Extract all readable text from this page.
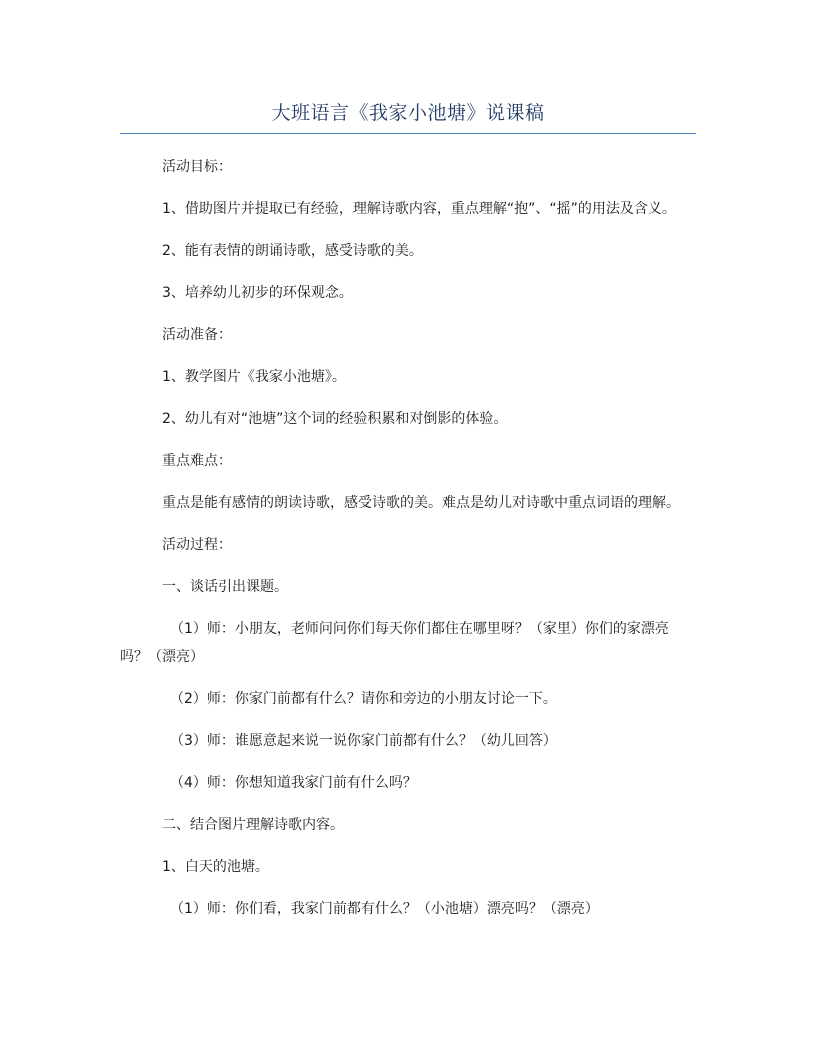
大班语言《我家小池塘》说课稿

活动目标：

1、借助图片并提取已有经验，理解诗歌内容，重点理解“抱”、“摇”的用法及含义。

2、能有表情的朗诵诗歌，感受诗歌的美。

3、培养幼儿初步的环保观念。

活动准备：

1、教学图片《我家小池塘》。

2、幼儿有对“池塘”这个词的经验积累和对倒影的体验。

重点难点：

重点是能有感情的朗读诗歌，感受诗歌的美。难点是幼儿对诗歌中重点词语的理解。

活动过程：

一、谈话引出课题。

（1）师：小朋友，老师问问你们每天你们都住在哪里呀？（家里）你们的家漂亮吗？（漂亮）

（2）师：你家门前都有什么？请你和旁边的小朋友讨论一下。

（3）师：谁愿意起来说一说你家门前都有什么？（幼儿回答）

（4）师：你想知道我家门前有什么吗？

二、结合图片理解诗歌内容。

1、白天的池塘。

（1）师：你们看，我家门前都有什么？（小池塘）漂亮吗？（漂亮）
